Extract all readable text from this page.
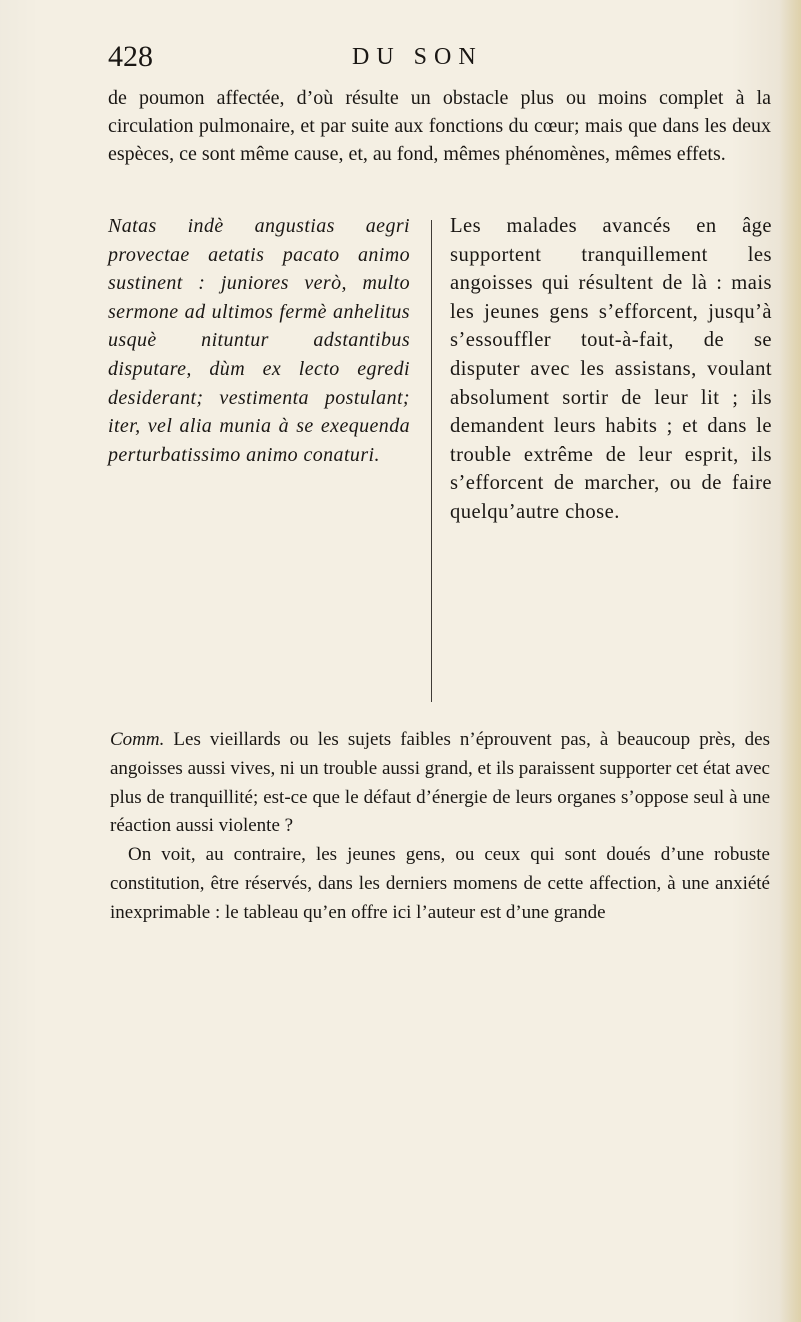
428	DU SON

de poumon affectée, d’où résulte un obstacle plus ou moins complet à la circulation pulmonaire, et par suite aux fonctions du cœur; mais que dans les deux espèces, ce sont même cause, et, au fond, mêmes phénomènes, mêmes effets.

Natas indè angustias aegri provectae aetatis pacato animo sustinent : juniores verò, multo sermone ad ultimos fermè anhelitus usquè nituntur adstantibus disputare, dùm ex lecto egredi desiderant; vestimenta postulant; iter, vel alia munia à se exequenda perturbatissimo animo conaturi.

Les malades avancés en âge supportent tranquillement les angoisses qui résultent de là : mais les jeunes gens s’efforcent, jusqu’à s’essouffler tout-à-fait, de se disputer avec les assistans, voulant absolument sortir de leur lit ; ils demandent leurs habits ; et dans le trouble extrême de leur esprit, ils s’efforcent de marcher, ou de faire quelqu’autre chose.

Comm. Les vieillards ou les sujets faibles n’éprouvent pas, à beaucoup près, des angoisses aussi vives, ni un trouble aussi grand, et ils paraissent supporter cet état avec plus de tranquillité; est-ce que le défaut d’énergie de leurs organes s’oppose seul à une réaction aussi violente ?

On voit, au contraire, les jeunes gens, ou ceux qui sont doués d’une robuste constitution, être réservés, dans les derniers momens de cette affection, à une anxiété inexprimable : le tableau qu’en offre ici l’auteur est d’une grande
